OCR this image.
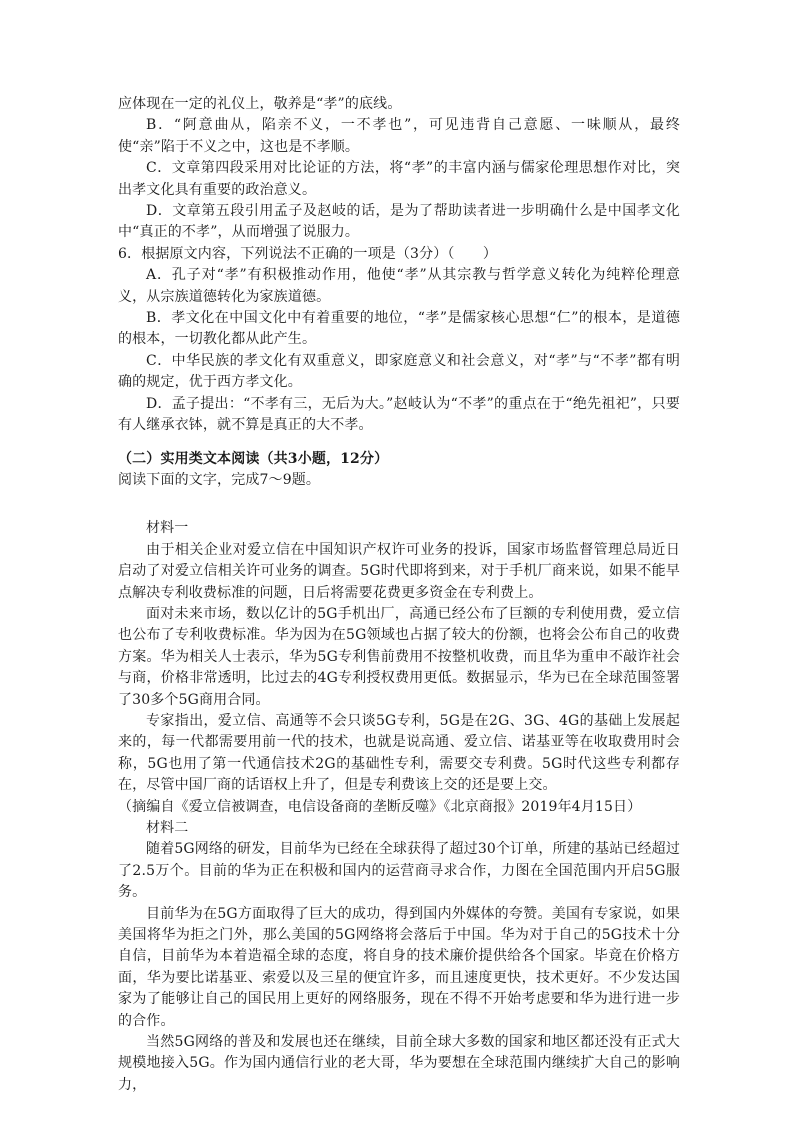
应体现在一定的礼仪上，敬养是“孝”的底线。

B．“阿意曲从，陷亲不义，一不孝也”，可见违背自己意愿、一味顺从，最终使“亲”陷于不义之中，这也是不孝顺。

C．文章第四段采用对比论证的方法，将“孝”的丰富内涵与儒家伦理思想作对比，突出孝文化具有重要的政治意义。

D．文章第五段引用孟子及赵岐的话，是为了帮助读者进一步明确什么是中国孝文化中“真正的不孝”，从而增强了说服力。

6．根据原文内容，下列说法不正确的一项是（3分）（　　）

A．孔子对“孝”有积极推动作用，他使“孝”从其宗教与哲学意义转化为纯粹伦理意义，从宗族道德转化为家族道德。

B．孝文化在中国文化中有着重要的地位，“孝”是儒家核心思想“仁”的根本，是道德的根本，一切教化都从此产生。

C．中华民族的孝文化有双重意义，即家庭意义和社会意义，对“孝”与“不孝”都有明确的规定，优于西方孝文化。

D．孟子提出：“不孝有三，无后为大。”赵岐认为“不孝”的重点在于“绝先祖祀”，只要有人继承衣钵，就不算是真正的大不孝。

（二）实用类文本阅读（共3小题，12分）

阅读下面的文字，完成7～9题。

材料一

由于相关企业对爱立信在中国知识产权许可业务的投诉，国家市场监督管理总局近日启动了对爱立信相关许可业务的调查。5G时代即将到来，对于手机厂商来说，如果不能早点解决专利收费标准的问题，日后将需要花费更多资金在专利费上。

面对未来市场，数以亿计的5G手机出厂，高通已经公布了巨额的专利使用费，爱立信也公布了专利收费标准。华为因为在5G领域也占据了较大的份额，也将会公布自己的收费方案。华为相关人士表示，华为5G专利售前费用不按整机收费，而且华为重申不敲诈社会与商，价格非常透明，比过去的4G专利授权费用更低。数据显示，华为已在全球范围签署了30多个5G商用合同。

专家指出，爱立信、高通等不会只谈5G专利，5G是在2G、3G、4G的基础上发展起来的，每一代都需要用前一代的技术，也就是说高通、爱立信、诺基亚等在收取费用时会称，5G也用了第一代通信技术2G的基础性专利，需要交专利费。5G时代这些专利都存在，尽管中国厂商的话语权上升了，但是专利费该上交的还是要上交。

（摘编自《爱立信被调查，电信设备商的垄断反噬》《北京商报》2019年4月15日）

材料二

随着5G网络的研发，目前华为已经在全球获得了超过30个订单，所建的基站已经超过了2.5万个。目前的华为正在积极和国内的运营商寻求合作，力图在全国范围内开启5G服务。

目前华为在5G方面取得了巨大的成功，得到国内外媒体的夸赞。美国有专家说，如果美国将华为拒之门外，那么美国的5G网络将会落后于中国。华为对于自己的5G技术十分自信，目前华为本着造福全球的态度，将自身的技术廉价提供给各个国家。毕竟在价格方面，华为要比诺基亚、索爱以及三星的便宜许多，而且速度更快，技术更好。不少发达国家为了能够让自己的国民用上更好的网络服务，现在不得不开始考虑要和华为进行进一步的合作。

当然5G网络的普及和发展也还在继续，目前全球大多数的国家和地区都还没有正式大规模地接入5G。作为国内通信行业的老大哥，华为要想在全球范围内继续扩大自己的影响力，
